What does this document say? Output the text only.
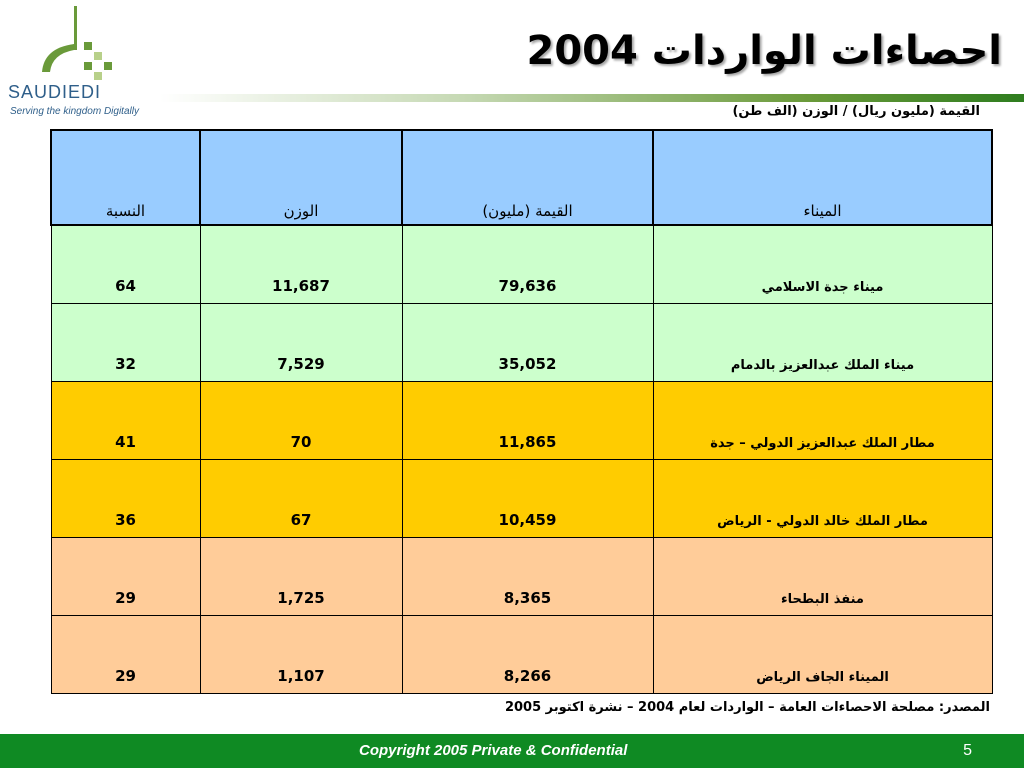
SAUDIEDI
Serving the kingdom Digitally
احصاءات الواردات 2004
القيمة (مليون ريال) / الوزن (الف طن)
النسبة	الوزن	القيمة (مليون)	الميناء
64	11,687	79,636	ميناء جدة الاسلامي
32	7,529	35,052	ميناء الملك عبدالعزيز بالدمام
41	70	11,865	مطار الملك عبدالعزيز الدولي – جدة
36	67	10,459	مطار الملك خالد الدولي - الرياض
29	1,725	8,365	منفذ البطحاء
29	1,107	8,266	الميناء الجاف الرياض
المصدر: مصلحة الاحصاءات العامة – الواردات لعام 2004 – نشرة اكتوبر 2005
Copyright 2005 Private & Confidential	5
